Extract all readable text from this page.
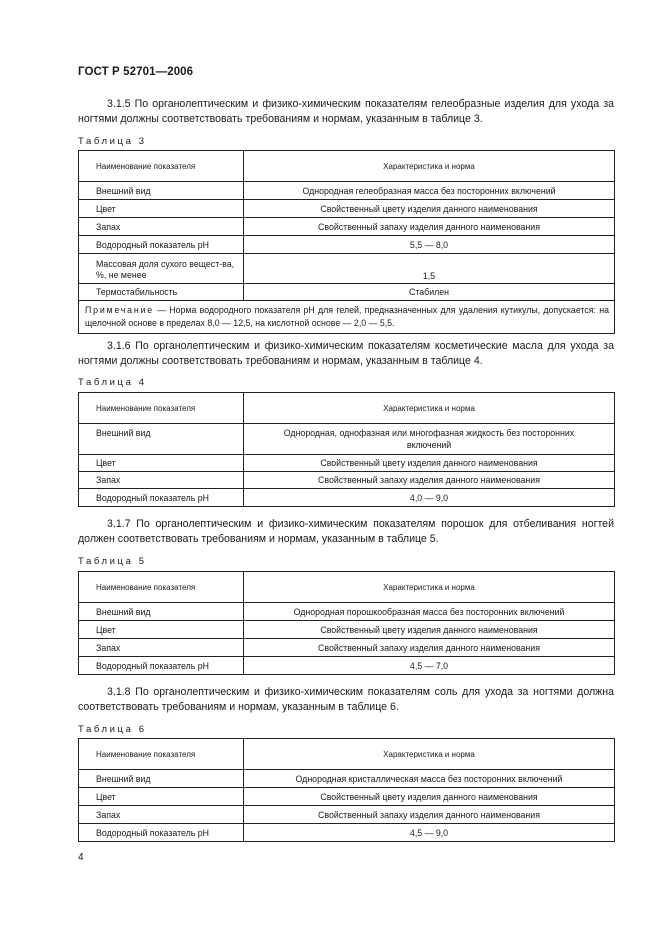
ГОСТ Р 52701—2006
3.1.5 По органолептическим и физико-химическим показателям гелеобразные изделия для ухода за ногтями должны соответствовать требованиям и нормам, указанным в таблице 3.
Таблица 3
Наименование показателя	Характеристика и норма
Внешний вид	Однородная гелеобразная масса без посторонних включений
Цвет	Свойственный цвету изделия данного наименования
Запах	Свойственный запаху изделия данного наименования
Водородный показатель pH	5,5 — 8,0
Массовая доля сухого вещест-ва, %, не менее	1,5
Термостабильность	Стабилен
Примечание — Норма водородного показателя pH для гелей, предназначенных для удаления кутикулы, допускается: на щелочной основе в пределах 8,0 — 12,5, на кислотной основе — 2,0 — 5,5.	
3.1.6 По органолептическим и физико-химическим показателям косметические масла для ухода за ногтями должны соответствовать требованиям и нормам, указанным в таблице 4.
Таблица 4
Наименование показателя	Характеристика и норма
Внешний вид	Однородная, однофазная или многофазная жидкость без посторонних включений
Цвет	Свойственный цвету изделия данного наименования
Запах	Свойственный запаху изделия данного наименования
Водородный показатель pH	4,0 — 9,0
3.1.7 По органолептическим и физико-химическим показателям порошок для отбеливания ногтей должен соответствовать требованиям и нормам, указанным в таблице 5.
Таблица 5
Наименование показателя	Характеристика и норма
Внешний вид	Однородная порошкообразная масса без посторонних включений
Цвет	Свойственный цвету изделия данного наименования
Запах	Свойственный запаху изделия данного наименования
Водородный показатель pH	4,5 — 7,0
3.1.8 По органолептическим и физико-химическим показателям соль для ухода за ногтями должна соответствовать требованиям и нормам, указанным в таблице 6.
Таблица 6
Наименование показателя	Характеристика и норма
Внешний вид	Однородная кристаллическая масса без посторонних включений
Цвет	Свойственный цвету изделия данного наименования
Запах	Свойственный запаху изделия данного наименования
Водородный показатель pH	4,5 — 9,0
4
